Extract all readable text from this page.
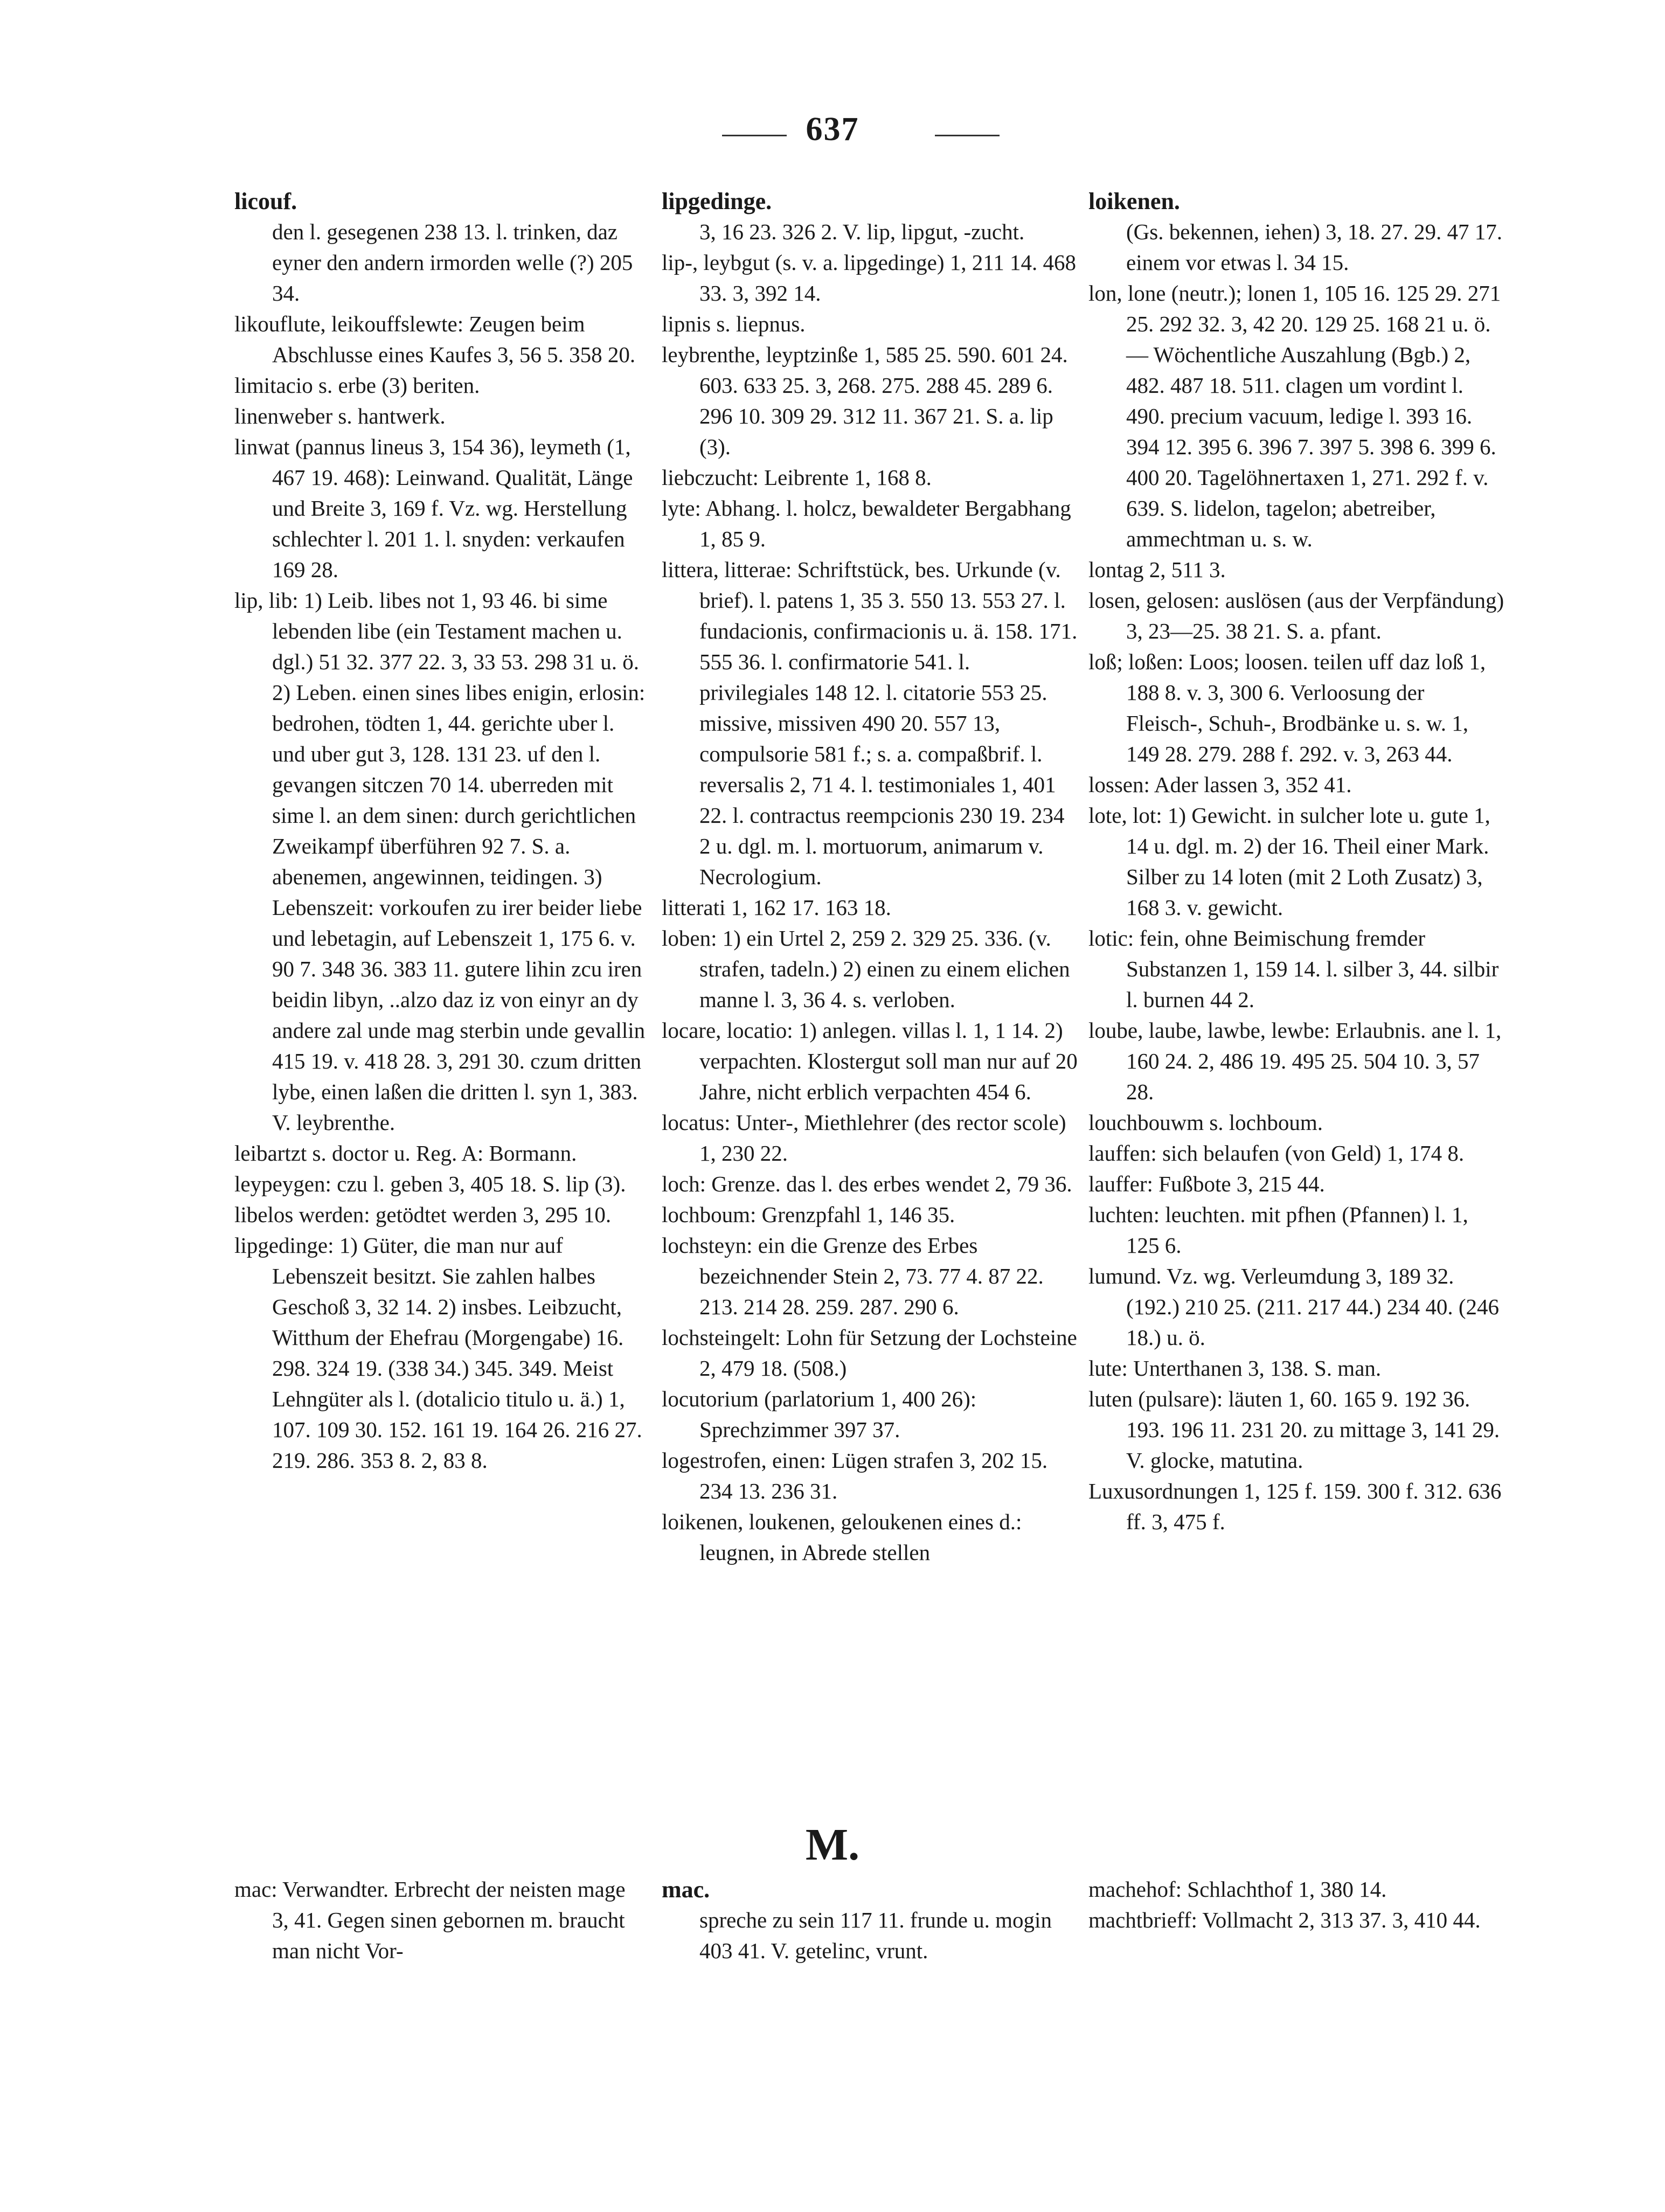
637
licouf.

den l. gesegenen 238 13. l. trinken, daz eyner den andern irmorden welle (?) 205 34.

likouflute, leikouffslewte: Zeugen beim Abschlusse eines Kaufes 3, 56 5. 358 20.

limitacio s. erbe (3) beriten.

linenweber s. hantwerk.

linwat (pannus lineus 3, 154 36), leymeth (1, 467 19. 468): Leinwand. Qualität, Länge und Breite 3, 169 f. Vz. wg. Herstellung schlechter l. 201 1. l. snyden: verkaufen 169 28.

lip, lib: 1) Leib. libes not 1, 93 46. bi sime lebenden libe (ein Testament machen u. dgl.) 51 32. 377 22. 3, 33 53. 298 31 u. ö. 2) Leben. einen sines libes enigin, erlosin: bedrohen, tödten 1, 44. gerichte uber l. und uber gut 3, 128. 131 23. uf den l. gevangen sitczen 70 14. uberreden mit sime l. an dem sinen: durch gerichtlichen Zweikampf überführen 92 7. S. a. abenemen, angewinnen, teidingen. 3) Lebenszeit: vorkoufen zu irer beider liebe und lebetagin, auf Lebenszeit 1, 175 6. v. 90 7. 348 36. 383 11. gutere lihin zcu iren beidin libyn, ..alzo daz iz von einyr an dy andere zal unde mag sterbin unde gevallin 415 19. v. 418 28. 3, 291 30. czum dritten lybe, einen laßen die dritten l. syn 1, 383. V. leybrenthe.

leibartzt s. doctor u. Reg. A: Bormann.

leypeygen: czu l. geben 3, 405 18. S. lip (3).

libelos werden: getödtet werden 3, 295 10.

lipgedinge: 1) Güter, die man nur auf Lebenszeit besitzt. Sie zahlen halbes Geschoß 3, 32 14. 2) insbes. Leibzucht, Witthum der Ehefrau (Morgengabe) 16. 298. 324 19. (338 34.) 345. 349. Meist Lehngüter als l. (dotalicio titulo u. ä.) 1, 107. 109 30. 152. 161 19. 164 26. 216 27. 219. 286. 353 8. 2, 83 8.

lipgedinge.

3, 16 23. 326 2. V. lip, lipgut, -zucht.

lip-, leybgut (s. v. a. lipgedinge) 1, 211 14. 468 33. 3, 392 14.

lipnis s. liepnus.

leybrenthe, leyptzinße 1, 585 25. 590. 601 24. 603. 633 25. 3, 268. 275. 288 45. 289 6. 296 10. 309 29. 312 11. 367 21. S. a. lip (3).

liebczucht: Leibrente 1, 168 8.

lyte: Abhang. l. holcz, bewaldeter Bergabhang 1, 85 9.

littera, litterae: Schriftstück, bes. Urkunde (v. brief). l. patens 1, 35 3. 550 13. 553 27. l. fundacionis, confirmacionis u. ä. 158. 171. 555 36. l. confirmatorie 541. l. privilegiales 148 12. l. citatorie 553 25. missive, missiven 490 20. 557 13, compulsorie 581 f.; s. a. compaßbrif. l. reversalis 2, 71 4. l. testimoniales 1, 401 22. l. contractus reempcionis 230 19. 234 2 u. dgl. m. l. mortuorum, animarum v. Necrologium.

litterati 1, 162 17. 163 18.

loben: 1) ein Urtel 2, 259 2. 329 25. 336. (v. strafen, tadeln.) 2) einen zu einem elichen manne l. 3, 36 4. s. verloben.

locare, locatio: 1) anlegen. villas l. 1, 1 14. 2) verpachten. Klostergut soll man nur auf 20 Jahre, nicht erblich verpachten 454 6.

locatus: Unter-, Miethlehrer (des rector scole) 1, 230 22.

loch: Grenze. das l. des erbes wendet 2, 79 36.

lochboum: Grenzpfahl 1, 146 35.

lochsteyn: ein die Grenze des Erbes bezeichnender Stein 2, 73. 77 4. 87 22. 213. 214 28. 259. 287. 290 6.

lochsteingelt: Lohn für Setzung der Lochsteine 2, 479 18. (508.)

locutorium (parlatorium 1, 400 26): Sprechzimmer 397 37.

logestrofen, einen: Lügen strafen 3, 202 15. 234 13. 236 31.

loikenen, loukenen, geloukenen eines d.: leugnen, in Abrede stellen

loikenen.

(Gs. bekennen, iehen) 3, 18. 27. 29. 47 17. einem vor etwas l. 34 15.

lon, lone (neutr.); lonen 1, 105 16. 125 29. 271 25. 292 32. 3, 42 20. 129 25. 168 21 u. ö. — Wöchentliche Auszahlung (Bgb.) 2, 482. 487 18. 511. clagen um vordint l. 490. precium vacuum, ledige l. 393 16. 394 12. 395 6. 396 7. 397 5. 398 6. 399 6. 400 20. Tagelöhnertaxen 1, 271. 292 f. v. 639. S. lidelon, tagelon; abetreiber, ammechtman u. s. w.

lontag 2, 511 3.

losen, gelosen: auslösen (aus der Verpfändung) 3, 23—25. 38 21. S. a. pfant.

loß; loßen: Loos; loosen. teilen uff daz loß 1, 188 8. v. 3, 300 6. Verloosung der Fleisch-, Schuh-, Brodbänke u. s. w. 1, 149 28. 279. 288 f. 292. v. 3, 263 44.

lossen: Ader lassen 3, 352 41.

lote, lot: 1) Gewicht. in sulcher lote u. gute 1, 14 u. dgl. m. 2) der 16. Theil einer Mark. Silber zu 14 loten (mit 2 Loth Zusatz) 3, 168 3. v. gewicht.

lotic: fein, ohne Beimischung fremder Substanzen 1, 159 14. l. silber 3, 44. silbir l. burnen 44 2.

loube, laube, lawbe, lewbe: Erlaubnis. ane l. 1, 160 24. 2, 486 19. 495 25. 504 10. 3, 57 28.

louchbouwm s. lochboum.

lauffen: sich belaufen (von Geld) 1, 174 8.

lauffer: Fußbote 3, 215 44.

luchten: leuchten. mit pfhen (Pfannen) l. 1, 125 6.

lumund. Vz. wg. Verleumdung 3, 189 32. (192.) 210 25. (211. 217 44.) 234 40. (246 18.) u. ö.

lute: Unterthanen 3, 138. S. man.

luten (pulsare): läuten 1, 60. 165 9. 192 36. 193. 196 11. 231 20. zu mittage 3, 141 29. V. glocke, matutina.

Luxusordnungen 1, 125 f. 159. 300 f. 312. 636 ff. 3, 475 f.

M.

mac: Verwandter. Erbrecht der neisten mage 3, 41. Gegen sinen gebornen m. braucht man nicht Vor-

mac.

spreche zu sein 117 11. frunde u. mogin 403 41. V. getelinc, vrunt.

machehof: Schlachthof 1, 380 14.

machtbrieff: Vollmacht 2, 313 37. 3, 410 44.
